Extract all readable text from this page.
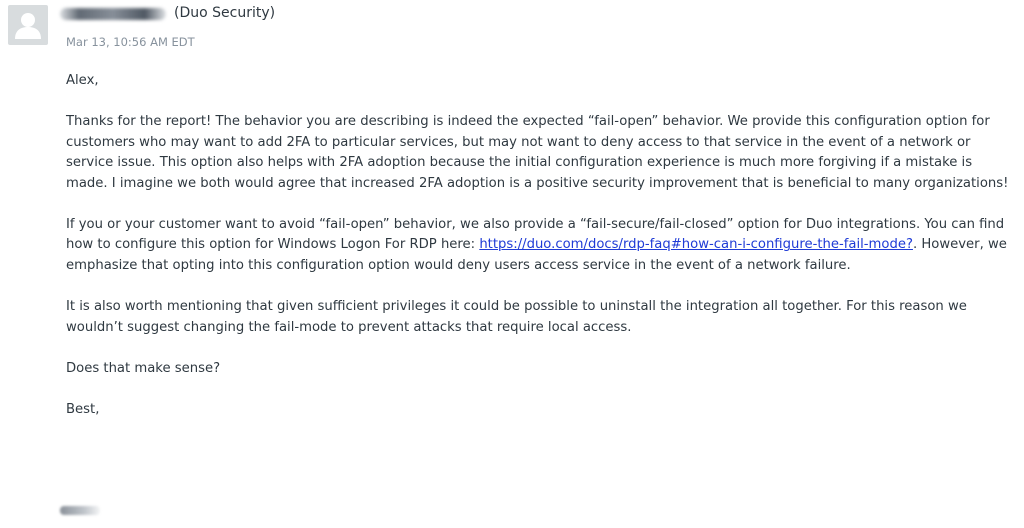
(Duo Security)
Mar 13, 10:56 AM EDT

Alex,

Thanks for the report! The behavior you are describing is indeed the expected “fail-open” behavior. We provide this configuration option for customers who may want to add 2FA to particular services, but may not want to deny access to that service in the event of a network or service issue. This option also helps with 2FA adoption because the initial configuration experience is much more forgiving if a mistake is made. I imagine we both would agree that increased 2FA adoption is a positive security improvement that is beneficial to many organizations!

If you or your customer want to avoid “fail-open” behavior, we also provide a “fail-secure/fail-closed” option for Duo integrations. You can find how to configure this option for Windows Logon For RDP here: https://duo.com/docs/rdp-faq#how-can-i-configure-the-fail-mode?. However, we emphasize that opting into this configuration option would deny users access service in the event of a network failure.

It is also worth mentioning that given sufficient privileges it could be possible to uninstall the integration all together. For this reason we wouldn’t suggest changing the fail-mode to prevent attacks that require local access.

Does that make sense?

Best,
